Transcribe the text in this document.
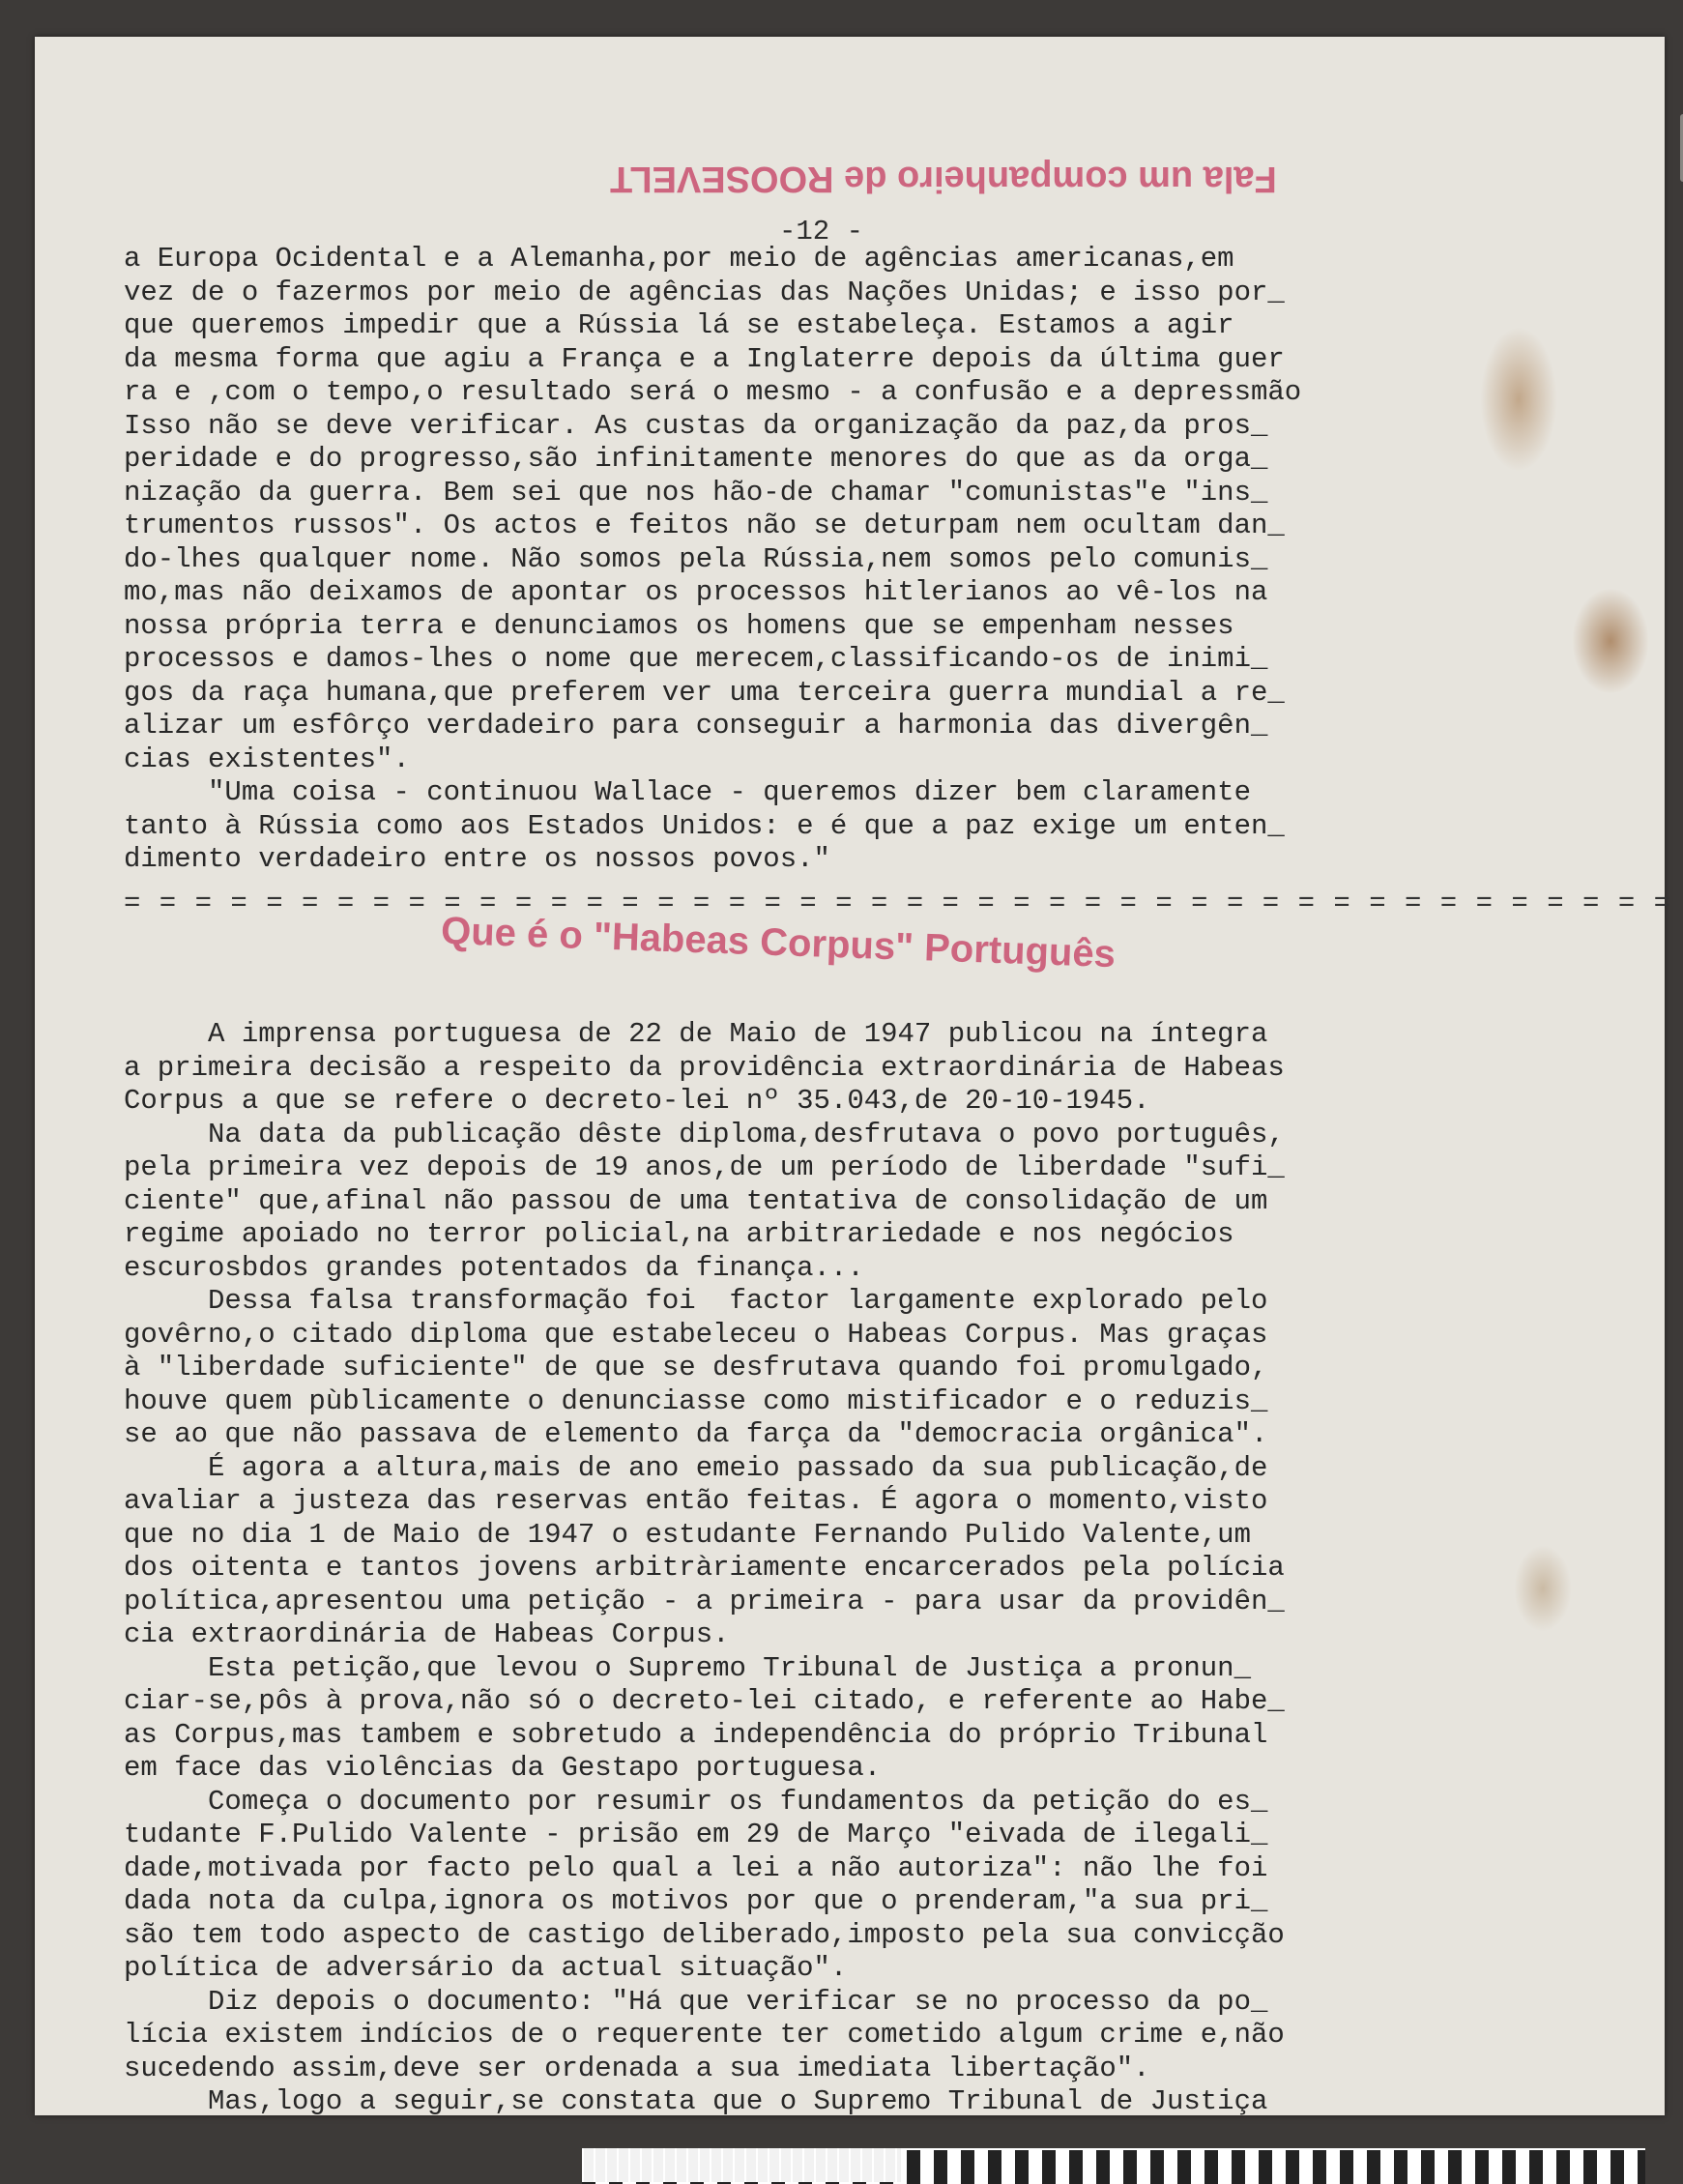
Fala um companheiro de ROOSEVELT
-12 -
a Europa Ocidental e a Alemanha,por meio de agências americanas,em
vez de o fazermos por meio de agências das Nações Unidas; e isso por_
que queremos impedir que a Rússia lá se estabeleça. Estamos a agir
da mesma forma que agiu a França e a Inglaterre depois da última guer
ra e ,com o tempo,o resultado será o mesmo - a confusão e a depressmão
Isso não se deve verificar. As custas da organização da paz,da pros_
peridade e do progresso,são infinitamente menores do que as da orga_
nização da guerra. Bem sei que nos hão-de chamar "comunistas"e "ins_
trumentos russos". Os actos e feitos não se deturpam nem ocultam dan_
do-lhes qualquer nome. Não somos pela Rússia,nem somos pelo comunis_
mo,mas não deixamos de apontar os processos hitlerianos ao vê-los na
nossa própria terra e denunciamos os homens que se empenham nesses
processos e damos-lhes o nome que merecem,classificando-os de inimi_
gos da raça humana,que preferem ver uma terceira guerra mundial a re_
alizar um esfôrço verdadeiro para conseguir a harmonia das divergên_
cias existentes".
"Uma coisa - continuou Wallace - queremos dizer bem claramente
tanto à Rússia como aos Estados Unidos: e é que a paz exige um enten_
dimento verdadeiro entre os nossos povos."
= = = = = = = = = = = = = = = = = = = = = = = = = = = = = = = = = = = = = = = = = = = =
Que é o "Habeas Corpus" Português
A imprensa portuguesa de 22 de Maio de 1947 publicou na íntegra
a primeira decisão a respeito da providência extraordinária de Habeas
Corpus a que se refere o decreto-lei nº 35.043,de 20-10-1945.
Na data da publicação dêste diploma,desfrutava o povo português,
pela primeira vez depois de 19 anos,de um período de liberdade "sufi_
ciente" que,afinal não passou de uma tentativa de consolidação de um
regime apoiado no terror policial,na arbitrariedade e nos negócios
escurosbdos grandes potentados da finança...
Dessa falsa transformação foi  factor largamente explorado pelo
govêrno,o citado diploma que estabeleceu o Habeas Corpus. Mas graças
à "liberdade suficiente" de que se desfrutava quando foi promulgado,
houve quem pùblicamente o denunciasse como mistificador e o reduzis_
se ao que não passava de elemento da farça da "democracia orgânica".
É agora a altura,mais de ano emeio passado da sua publicação,de
avaliar a justeza das reservas então feitas. É agora o momento,visto
que no dia 1 de Maio de 1947 o estudante Fernando Pulido Valente,um
dos oitenta e tantos jovens arbitràriamente encarcerados pela polícia
política,apresentou uma petição - a primeira - para usar da providên_
cia extraordinária de Habeas Corpus.
Esta petição,que levou o Supremo Tribunal de Justiça a pronun_
ciar-se,pôs à prova,não só o decreto-lei citado, e referente ao Habe_
as Corpus,mas tambem e sobretudo a independência do próprio Tribunal
em face das violências da Gestapo portuguesa.
Começa o documento por resumir os fundamentos da petição do es_
tudante F.Pulido Valente - prisão em 29 de Março "eivada de ilegali_
dade,motivada por facto pelo qual a lei a não autoriza": não lhe foi
dada nota da culpa,ignora os motivos por que o prenderam,"a sua pri_
são tem todo aspecto de castigo deliberado,imposto pela sua convicção
política de adversário da actual situação".
Diz depois o documento: "Há que verificar se no processo da po_
lícia existem indícios de o requerente ter cometido algum crime e,não
sucedendo assim,deve ser ordenada a sua imediata libertação".
Mas,logo a seguir,se constata que o Supremo Tribunal de Justiça
